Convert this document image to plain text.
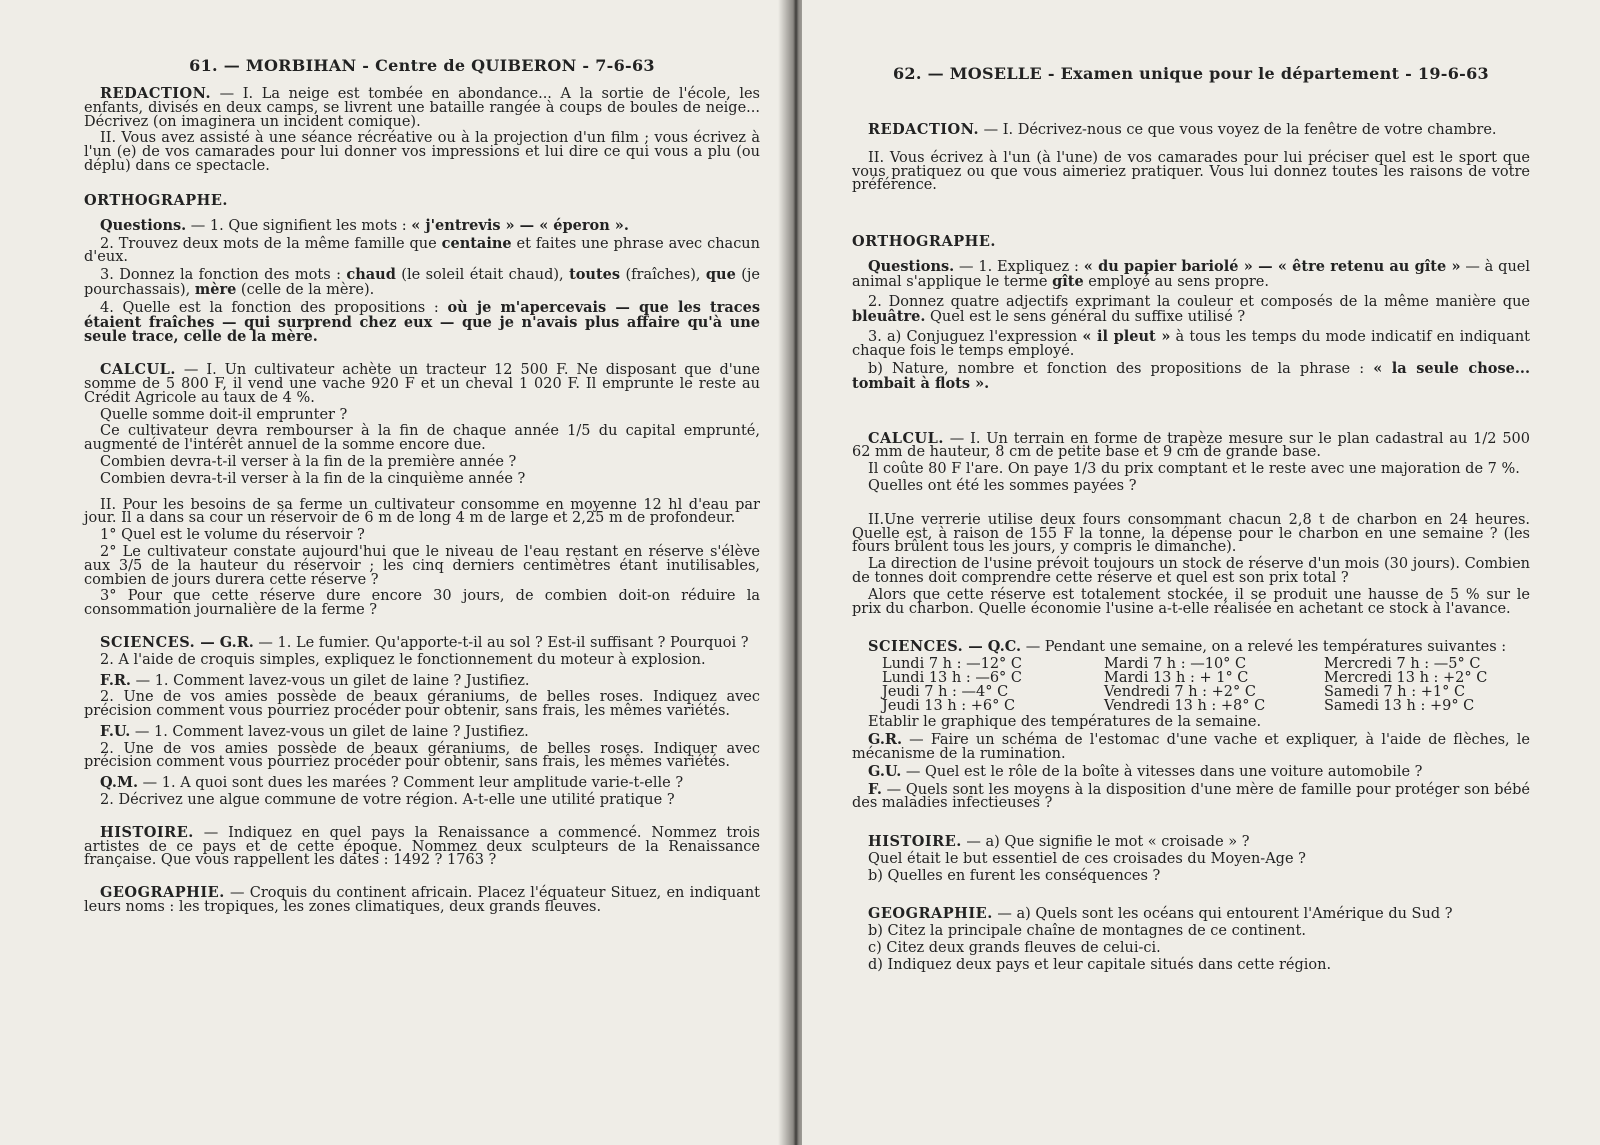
61. — MORBIHAN - Centre de QUIBERON - 7-6-63

REDACTION. — I. La neige est tombée en abondance... A la sortie de l'école, les enfants, divisés en deux camps, se livrent une bataille rangée à coups de boules de neige... Décrivez (on imaginera un incident comique).

II. Vous avez assisté à une séance récréative ou à la projection d'un film ; vous écrivez à l'un (e) de vos camarades pour lui donner vos impressions et lui dire ce qui vous a plu (ou déplu) dans ce spectacle.

ORTHOGRAPHE.

Questions. — 1. Que signifient les mots : « j'entrevis » — « éperon ».

2. Trouvez deux mots de la même famille que centaine et faites une phrase avec chacun d'eux.

3. Donnez la fonction des mots : chaud (le soleil était chaud), toutes (fraîches), que (je pourchassais), mère (celle de la mère).

4. Quelle est la fonction des propositions : où je m'apercevais — que les traces étaient fraîches — qui surprend chez eux — que je n'avais plus affaire qu'à une seule trace, celle de la mère.

CALCUL. — I. Un cultivateur achète un tracteur 12 500 F. Ne disposant que d'une somme de 5 800 F, il vend une vache 920 F et un cheval 1 020 F. Il emprunte le reste au Crédit Agricole au taux de 4 %.

Quelle somme doit-il emprunter ?

Ce cultivateur devra rembourser à la fin de chaque année 1/5 du capital emprunté, augmenté de l'intérêt annuel de la somme encore due.

Combien devra-t-il verser à la fin de la première année ?

Combien devra-t-il verser à la fin de la cinquième année ?

II. Pour les besoins de sa ferme un cultivateur consomme en moyenne 12 hl d'eau par jour. Il a dans sa cour un réservoir de 6 m de long 4 m de large et 2,25 m de profondeur.

1° Quel est le volume du réservoir ?

2° Le cultivateur constate aujourd'hui que le niveau de l'eau restant en réserve s'élève aux 3/5 de la hauteur du réservoir ; les cinq derniers centimètres étant inutilisables, combien de jours durera cette réserve ?

3° Pour que cette réserve dure encore 30 jours, de combien doit-on réduire la consommation journalière de la ferme ?

SCIENCES. — G.R. — 1. Le fumier. Qu'apporte-t-il au sol ? Est-il suffisant ? Pourquoi ?

2. A l'aide de croquis simples, expliquez le fonctionnement du moteur à explosion.

F.R. — 1. Comment lavez-vous un gilet de laine ? Justifiez.

2. Une de vos amies possède de beaux géraniums, de belles roses. Indiquez avec précision comment vous pourriez procéder pour obtenir, sans frais, les mêmes variétés.

F.U. — 1. Comment lavez-vous un gilet de laine ? Justifiez.

2. Une de vos amies possède de beaux géraniums, de belles roses. Indiquer avec précision comment vous pourriez procéder pour obtenir, sans frais, les mêmes variétés.

Q.M. — 1. A quoi sont dues les marées ? Comment leur amplitude varie-t-elle ?

2. Décrivez une algue commune de votre région. A-t-elle une utilité pratique ?

HISTOIRE. — Indiquez en quel pays la Renaissance a commencé. Nommez trois artistes de ce pays et de cette époque. Nommez deux sculpteurs de la Renaissance française. Que vous rappellent les dates : 1492 ? 1763 ?

GEOGRAPHIE. — Croquis du continent africain. Placez l'équateur Situez, en indiquant leurs noms : les tropiques, les zones climatiques, deux grands fleuves.

62. — MOSELLE - Examen unique pour le département - 19-6-63

REDACTION. — I. Décrivez-nous ce que vous voyez de la fenêtre de votre chambre.

II. Vous écrivez à l'un (à l'une) de vos camarades pour lui préciser quel est le sport que vous pratiquez ou que vous aimeriez pratiquer. Vous lui donnez toutes les raisons de votre préférence.

ORTHOGRAPHE.

Questions. — 1. Expliquez : « du papier bariolé » — « être retenu au gîte » — à quel animal s'applique le terme gîte employé au sens propre.

2. Donnez quatre adjectifs exprimant la couleur et composés de la même manière que bleuâtre. Quel est le sens général du suffixe utilisé ?

3. a) Conjuguez l'expression « il pleut » à tous les temps du mode indicatif en indiquant chaque fois le temps employé.

b) Nature, nombre et fonction des propositions de la phrase : « la seule chose... tombait à flots ».

CALCUL. — I. Un terrain en forme de trapèze mesure sur le plan cadastral au 1/2 500 62 mm de hauteur, 8 cm de petite base et 9 cm de grande base.

Il coûte 80 F l'are. On paye 1/3 du prix comptant et le reste avec une majoration de 7 %.

Quelles ont été les sommes payées ?

II.Une verrerie utilise deux fours consommant chacun 2,8 t de charbon en 24 heures. Quelle est, à raison de 155 F la tonne, la dépense pour le charbon en une semaine ? (les fours brûlent tous les jours, y compris le dimanche).

La direction de l'usine prévoit toujours un stock de réserve d'un mois (30 jours). Combien de tonnes doit comprendre cette réserve et quel est son prix total ?

Alors que cette réserve est totalement stockée, il se produit une hausse de 5 % sur le prix du charbon. Quelle économie l'usine a-t-elle réalisée en achetant ce stock à l'avance.

SCIENCES. — Q.C. — Pendant une semaine, on a relevé les températures suivantes :

Lundi 7 h : —12° C	Mardi 7 h : —10° C	Mercredi 7 h : —5° C
Lundi 13 h : —6° C	Mardi 13 h : + 1° C	Mercredi 13 h : +2° C
Jeudi 7 h : —4° C	Vendredi 7 h : +2° C	Samedi 7 h : +1° C
Jeudi 13 h : +6° C	Vendredi 13 h : +8° C	Samedi 13 h : +9° C

Etablir le graphique des températures de la semaine.

G.R. — Faire un schéma de l'estomac d'une vache et expliquer, à l'aide de flèches, le mécanisme de la rumination.

G.U. — Quel est le rôle de la boîte à vitesses dans une voiture automobile ?

F. — Quels sont les moyens à la disposition d'une mère de famille pour protéger son bébé des maladies infectieuses ?

HISTOIRE. — a) Que signifie le mot « croisade » ?

Quel était le but essentiel de ces croisades du Moyen-Age ?

b) Quelles en furent les conséquences ?

GEOGRAPHIE. — a) Quels sont les océans qui entourent l'Amérique du Sud ?

b) Citez la principale chaîne de montagnes de ce continent.

c) Citez deux grands fleuves de celui-ci.

d) Indiquez deux pays et leur capitale situés dans cette région.
